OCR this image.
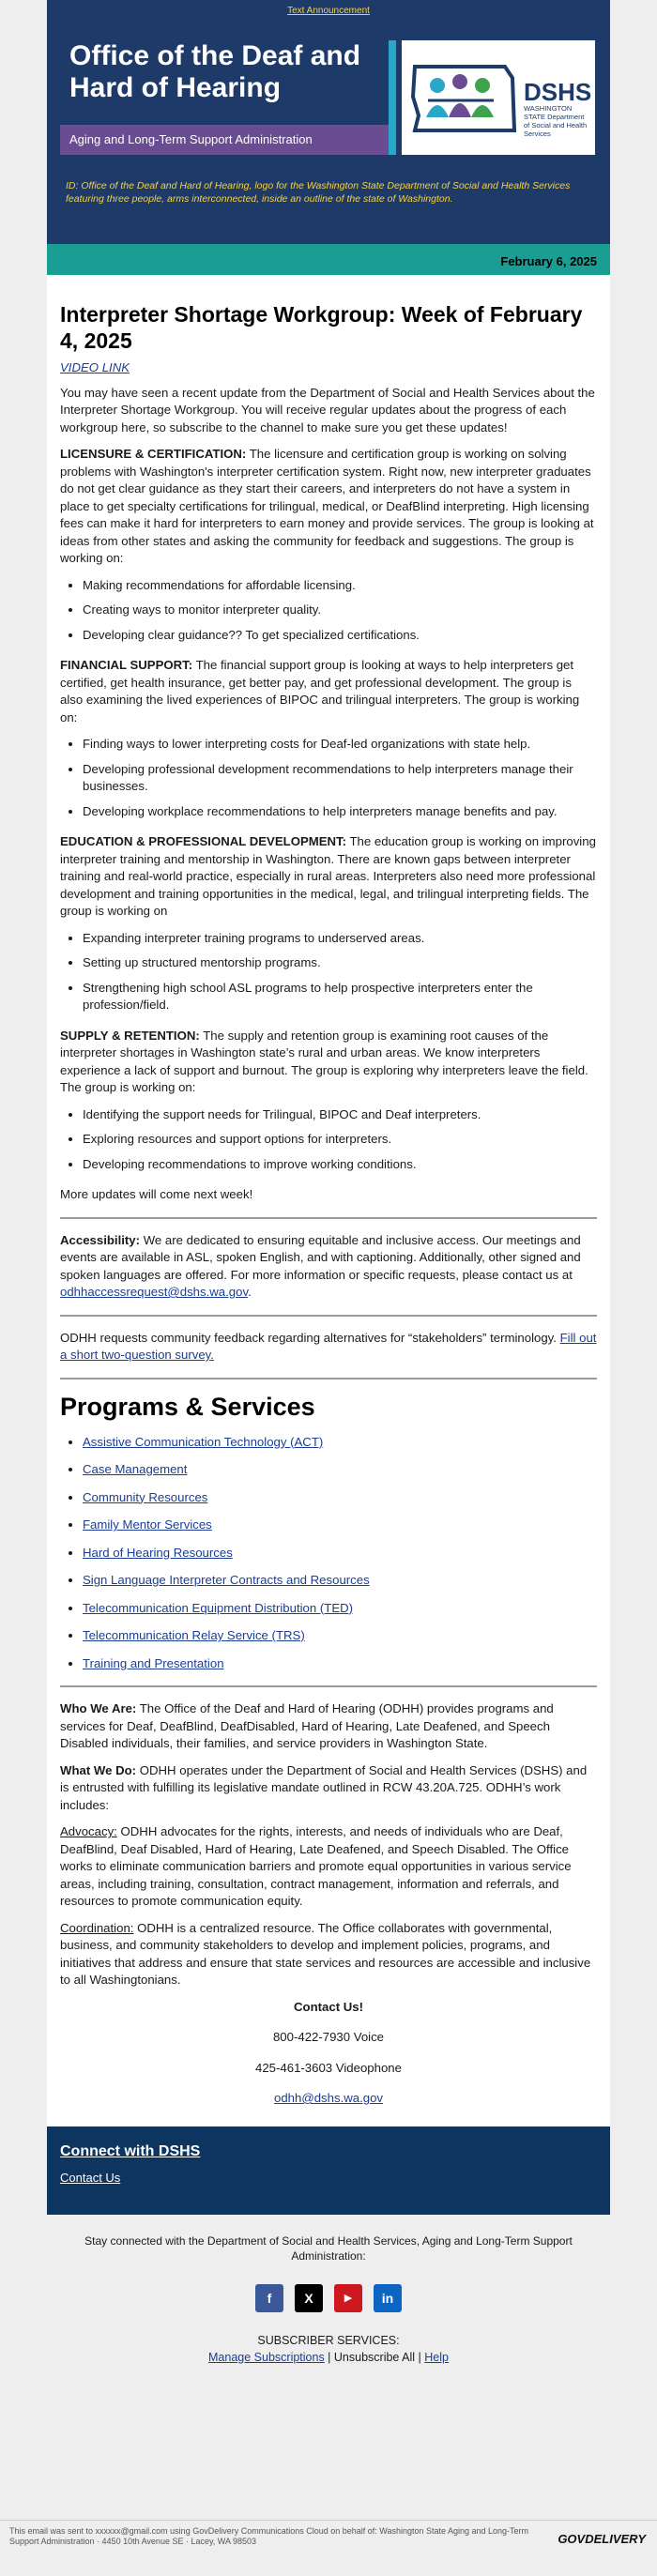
Text Announcement
Office of the Deaf and Hard of Hearing
Aging and Long-Term Support Administration
DSHS
WASHINGTON STATE Department of Social and Health Services
ID: Office of the Deaf and Hard of Hearing, logo for the Washington State Department of Social and Health Services featuring three people, arms interconnected, inside an outline of the state of Washington.
February 6, 2025
Interpreter Shortage Workgroup: Week of February 4, 2025
VIDEO LINK

You may have seen a recent update from the Department of Social and Health Services about the Interpreter Shortage Workgroup. You will receive regular updates about the progress of each workgroup here, so subscribe to the channel to make sure you get these updates!

LICENSURE & CERTIFICATION: The licensure and certification group is working on solving problems with Washington's interpreter certification system. Right now, new interpreter graduates do not get clear guidance as they start their careers, and interpreters do not have a system in place to get specialty certifications for trilingual, medical, or DeafBlind interpreting. High licensing fees can make it hard for interpreters to earn money and provide services. The group is looking at ideas from other states and asking the community for feedback and suggestions. The group is working on:

• Making recommendations for affordable licensing.
• Creating ways to monitor interpreter quality.
• Developing clear guidance?? To get specialized certifications.

FINANCIAL SUPPORT: The financial support group is looking at ways to help interpreters get certified, get health insurance, get better pay, and get professional development. The group is also examining the lived experiences of BIPOC and trilingual interpreters. The group is working on:

• Finding ways to lower interpreting costs for Deaf-led organizations with state help.
• Developing professional development recommendations to help interpreters manage their businesses.
• Developing workplace recommendations to help interpreters manage benefits and pay.

EDUCATION & PROFESSIONAL DEVELOPMENT: The education group is working on improving interpreter training and mentorship in Washington. There are known gaps between interpreter training and real-world practice, especially in rural areas. Interpreters also need more professional development and training opportunities in the medical, legal, and trilingual interpreting fields. The group is working on

• Expanding interpreter training programs to underserved areas.
• Setting up structured mentorship programs.
• Strengthening high school ASL programs to help prospective interpreters enter the profession/field.

SUPPLY & RETENTION: The supply and retention group is examining root causes of the interpreter shortages in Washington state’s rural and urban areas. We know interpreters experience a lack of support and burnout. The group is exploring why interpreters leave the field. The group is working on:

• Identifying the support needs for Trilingual, BIPOC and Deaf interpreters.
• Exploring resources and support options for interpreters.
• Developing recommendations to improve working conditions.

More updates will come next week!

Accessibility: We are dedicated to ensuring equitable and inclusive access. Our meetings and events are available in ASL, spoken English, and with captioning. Additionally, other signed and spoken languages are offered. For more information or specific requests, please contact us at odhhaccessrequest@dshs.wa.gov.

ODHH requests community feedback regarding alternatives for “stakeholders” terminology. Fill out a short two-question survey.

Programs & Services
• Assistive Communication Technology (ACT)
• Case Management
• Community Resources
• Family Mentor Services
• Hard of Hearing Resources
• Sign Language Interpreter Contracts and Resources
• Telecommunication Equipment Distribution (TED)
• Telecommunication Relay Service (TRS)
• Training and Presentation

Who We Are: The Office of the Deaf and Hard of Hearing (ODHH) provides programs and services for Deaf, DeafBlind, DeafDisabled, Hard of Hearing, Late Deafened, and Speech Disabled individuals, their families, and service providers in Washington State.

What We Do: ODHH operates under the Department of Social and Health Services (DSHS) and is entrusted with fulfilling its legislative mandate outlined in RCW 43.20A.725. ODHH’s work includes:

Advocacy: ODHH advocates for the rights, interests, and needs of individuals who are Deaf, DeafBlind, Deaf Disabled, Hard of Hearing, Late Deafened, and Speech Disabled. The Office works to eliminate communication barriers and promote equal opportunities in various service areas, including training, consultation, contract management, information and referrals, and resources to promote communication equity.

Coordination: ODHH is a centralized resource. The Office collaborates with governmental, business, and community stakeholders to develop and implement policies, programs, and initiatives that address and ensure that state services and resources are accessible and inclusive to all Washingtonians.

Contact Us!
800-422-7930 Voice
425-461-3603 Videophone
odhh@dshs.wa.gov
Connect with DSHS
Contact Us
Stay connected with the Department of Social and Health Services, Aging and Long-Term Support Administration:
f	X	▶	in
SUBSCRIBER SERVICES:
Manage Subscriptions | Unsubscribe All | Help
This email was sent to xxxxxx@gmail.com using GovDelivery Communications Cloud on behalf of: Washington State Aging and Long-Term Support Administration · 4450 10th Avenue SE · Lacey, WA 98503	GOVDELIVERY
